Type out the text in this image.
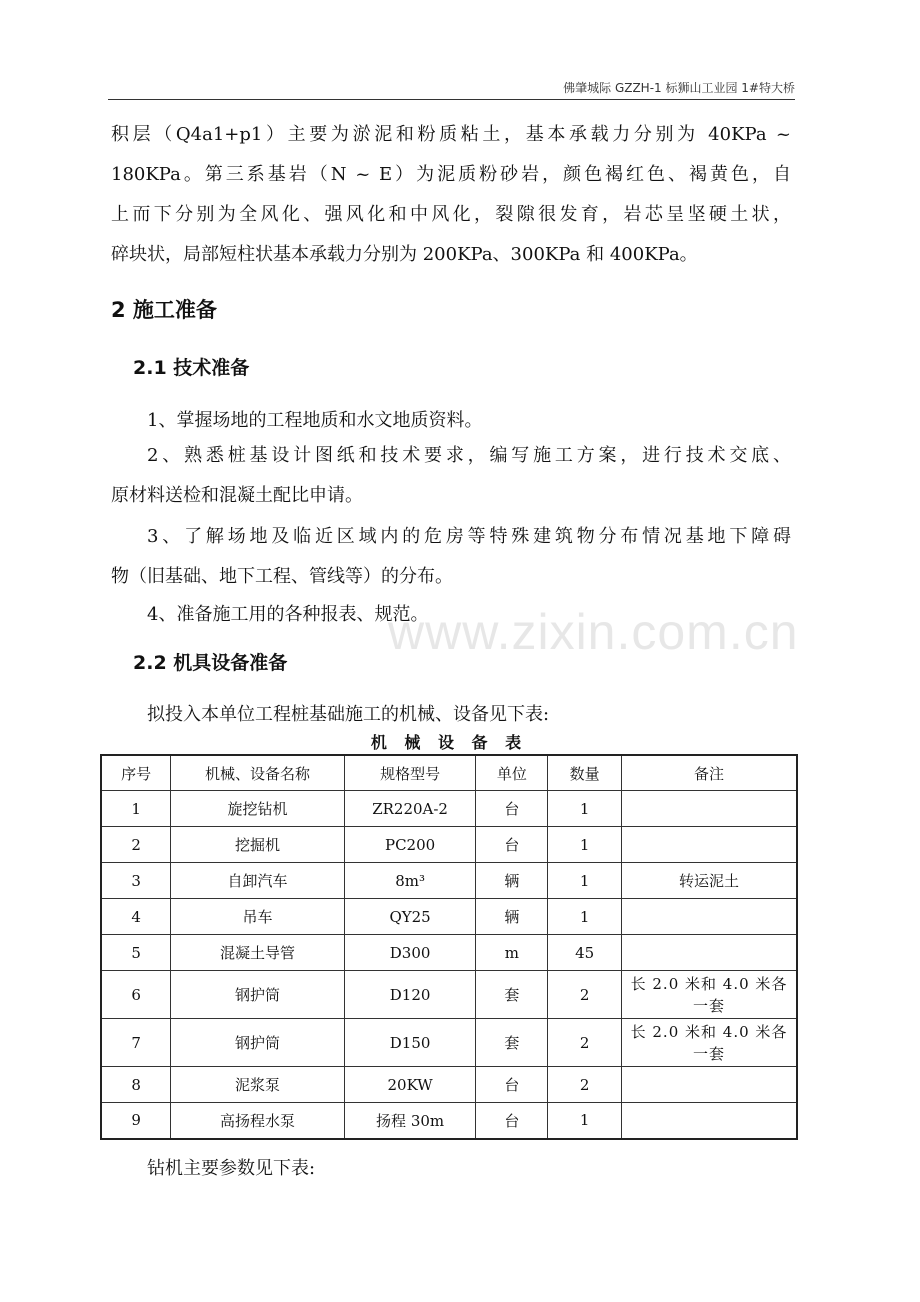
佛肇城际 GZZH-1 标狮山工业园 1#特大桥
积层（Q4a1+p1）主要为淤泥和粉质粘土，基本承载力分别为 40KPa ~
180KPa。第三系基岩（N ~ E）为泥质粉砂岩，颜色褐红色、褐黄色，自
上而下分别为全风化、强风化和中风化，裂隙很发育，岩芯呈坚硬土状，
碎块状，局部短柱状基本承载力分别为 200KPa、300KPa 和 400KPa。
2 施工准备
2.1 技术准备
1、掌握场地的工程地质和水文地质资料。
2、熟悉桩基设计图纸和技术要求，编写施工方案，进行技术交底、
原材料送检和混凝土配比申请。
3、了解场地及临近区域内的危房等特殊建筑物分布情况基地下障碍
物（旧基础、地下工程、管线等）的分布。
4、准备施工用的各种报表、规范。
www.zixin.com.cn
2.2 机具设备准备
拟投入本单位工程桩基础施工的机械、设备见下表:
机 械 设 备 表
序号	机械、设备名称	规格型号	单位	数量	备注
1	旋挖钻机	ZR220A-2	台	1	
2	挖掘机	PC200	台	1	
3	自卸汽车	8m³	辆	1	转运泥土
4	吊车	QY25	辆	1	
5	混凝土导管	D300	m	45	
6	钢护筒	D120	套	2	长 2.0 米和 4.0 米各一套
7	钢护筒	D150	套	2	长 2.0 米和 4.0 米各一套
8	泥浆泵	20KW	台	2	
9	高扬程水泵	扬程 30m	台	1	
钻机主要参数见下表:
